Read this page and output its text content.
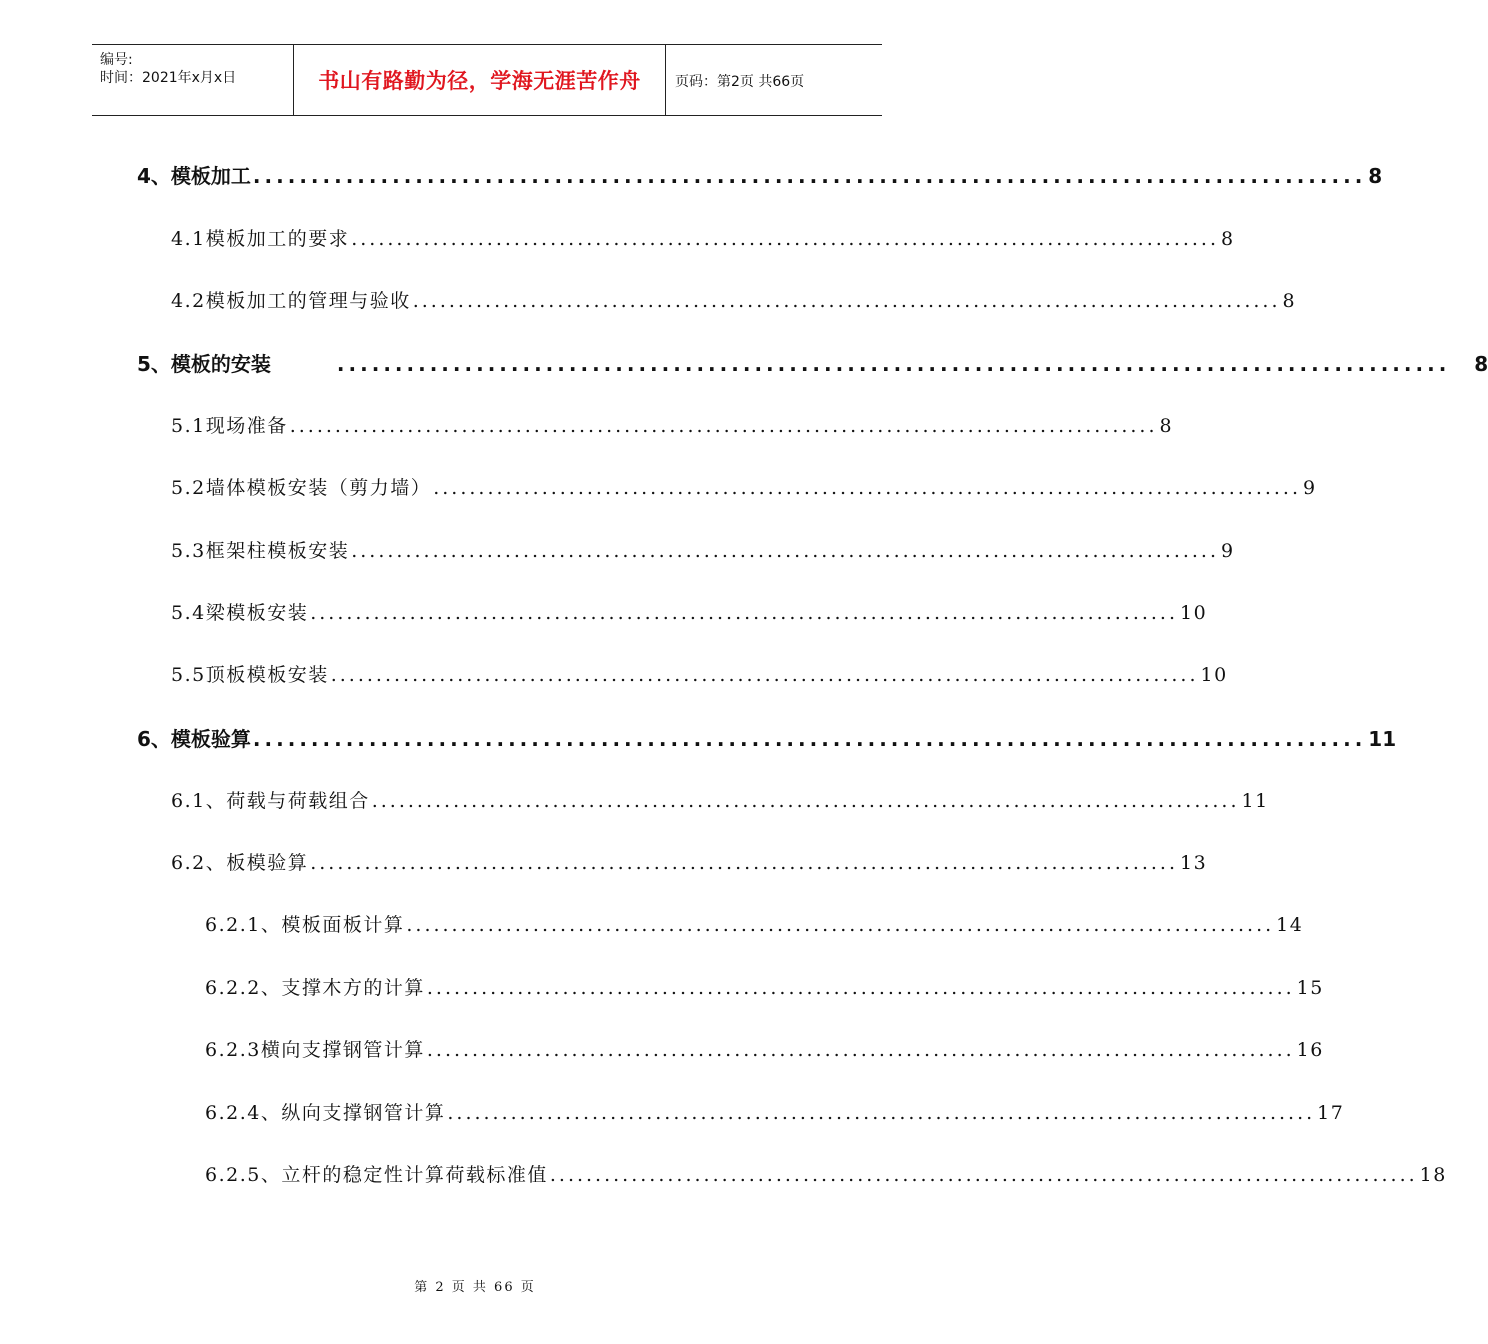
编号:
时间：2021年x月x日	书山有路勤为径，学海无涯苦作舟	页码：第2页 共66页
4、模板加工 ................................................................................................ 8
4.1模板加工的要求 ................................................................................................ 8
4.2模板加工的管理与验收 ................................................................................................ 8
5、模板的安装	................................................................................................ 8
5.1现场准备 ................................................................................................ 8
5.2墙体模板安装（剪力墙） ................................................................................................ 9
5.3框架柱模板安装 ................................................................................................ 9
5.4梁模板安装 ................................................................................................ 10
5.5顶板模板安装 ................................................................................................ 10
6、模板验算 ................................................................................................ 11
6.1、荷载与荷载组合 ................................................................................................ 11
6.2、板模验算 ................................................................................................ 13
6.2.1、模板面板计算 ................................................................................................ 14
6.2.2、支撑木方的计算 ................................................................................................ 15
6.2.3横向支撑钢管计算 ................................................................................................ 16
6.2.4、纵向支撑钢管计算 ................................................................................................ 17
6.2.5、立杆的稳定性计算荷载标准值 ................................................................................................ 18
第 2 页 共 66 页
